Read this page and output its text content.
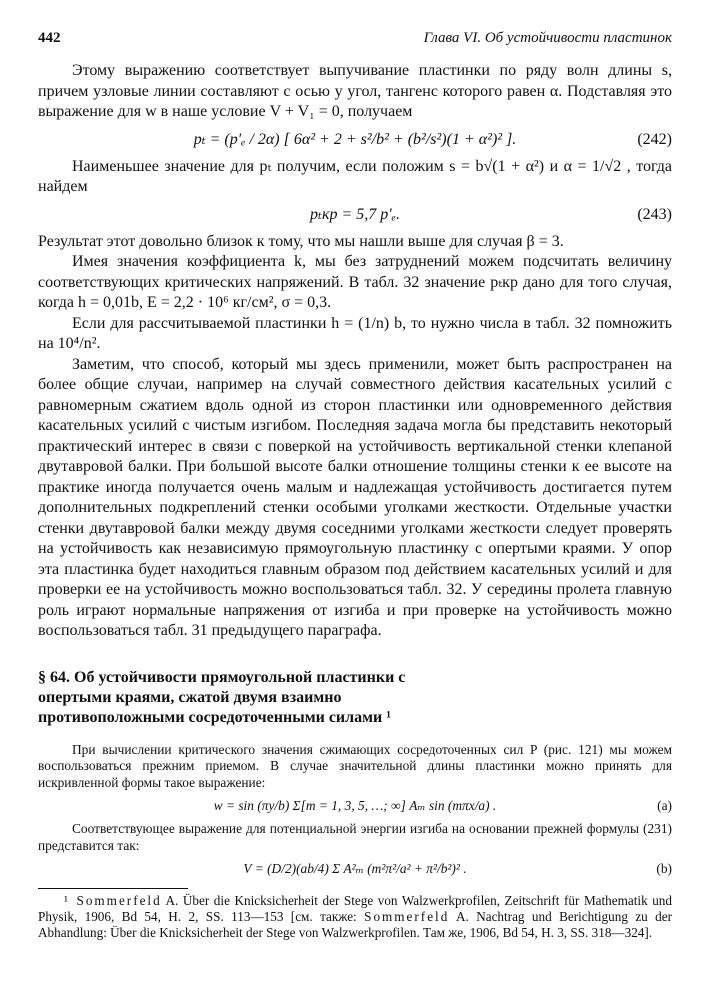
442	Глава VI. Об устойчивости пластинок

Этому выражению соответствует выпучивание пластинки по ряду волн длины s, причем узловые линии составляют с осью y угол, тангенс которого равен α. Подставляя это выражение для w в наше условие V + V₁ = 0, получаем

pₜ = (p′ₑ / 2α) [ 6α² + 2 + s²/b² + (b²/s²)(1 + α²)² ].	(242)

Наименьшее значение для pₜ получим, если положим s = b√(1 + α²) и α = 1/√2 , тогда найдем

pₜкр = 5,7 p′ₑ.	(243)

Результат этот довольно близок к тому, что мы нашли выше для случая β = 3.

Имея значения коэффициента k, мы без затруднений можем подсчитать величину соответствующих критических напряжений. В табл. 32 значение pₜкр дано для того случая, когда h = 0,01b, E = 2,2 · 10⁶ кг/см², σ = 0,3.

Если для рассчитываемой пластинки h = (1/n) b, то нужно числа в табл. 32 помножить на 10⁴/n².

Заметим, что способ, который мы здесь применили, может быть распространен на более общие случаи, например на случай совместного действия касательных усилий с равномерным сжатием вдоль одной из сторон пластинки или одновременного действия касательных усилий с чистым изгибом. Последняя задача могла бы представить некоторый практический интерес в связи с поверкой на устойчивость вертикальной стенки клепаной двутавровой балки. При большой высоте балки отношение толщины стенки к ее высоте на практике иногда получается очень малым и надлежащая устойчивость достигается путем дополнительных подкреплений стенки особыми уголками жесткости. Отдельные участки стенки двутавровой балки между двумя соседними уголками жесткости следует проверять на устойчивость как независимую прямоугольную пластинку с опертыми краями. У опор эта пластинка будет находиться главным образом под действием касательных усилий и для проверки ее на устойчивость можно воспользоваться табл. 32. У середины пролета главную роль играют нормальные напряжения от изгиба и при проверке на устойчивость можно воспользоваться табл. 31 предыдущего параграфа.

§ 64. Об устойчивости прямоугольной пластинки с опертыми краями, сжатой двумя взаимно противоположными сосредоточенными силами ¹

При вычислении критического значения сжимающих сосредоточенных сил P (рис. 121) мы можем воспользоваться прежним приемом. В случае значительной длины пластинки можно принять для искривленной формы такое выражение:

w = sin (πy/b) Σ[m = 1, 3, 5, …; ∞] Aₘ sin (mπx/a) .	(a)

Соответствующее выражение для потенциальной энергии изгиба на основании прежней формулы (231) представится так:

V = (D/2)(ab/4) Σ A²ₘ (m²π²/a² + π²/b²)² .	(b)
¹ Sommerfeld A. Über die Knicksicherheit der Stege von Walzwerkprofilen, Zeitschrift für Mathematik und Physik, 1906, Bd 54, H. 2, SS. 113—153 [см. также: Sommerfeld A. Nachtrag und Berichtigung zu der Abhandlung: Über die Knicksicherheit der Stege von Walzwerkprofilen. Там же, 1906, Bd 54, H. 3, SS. 318—324].
